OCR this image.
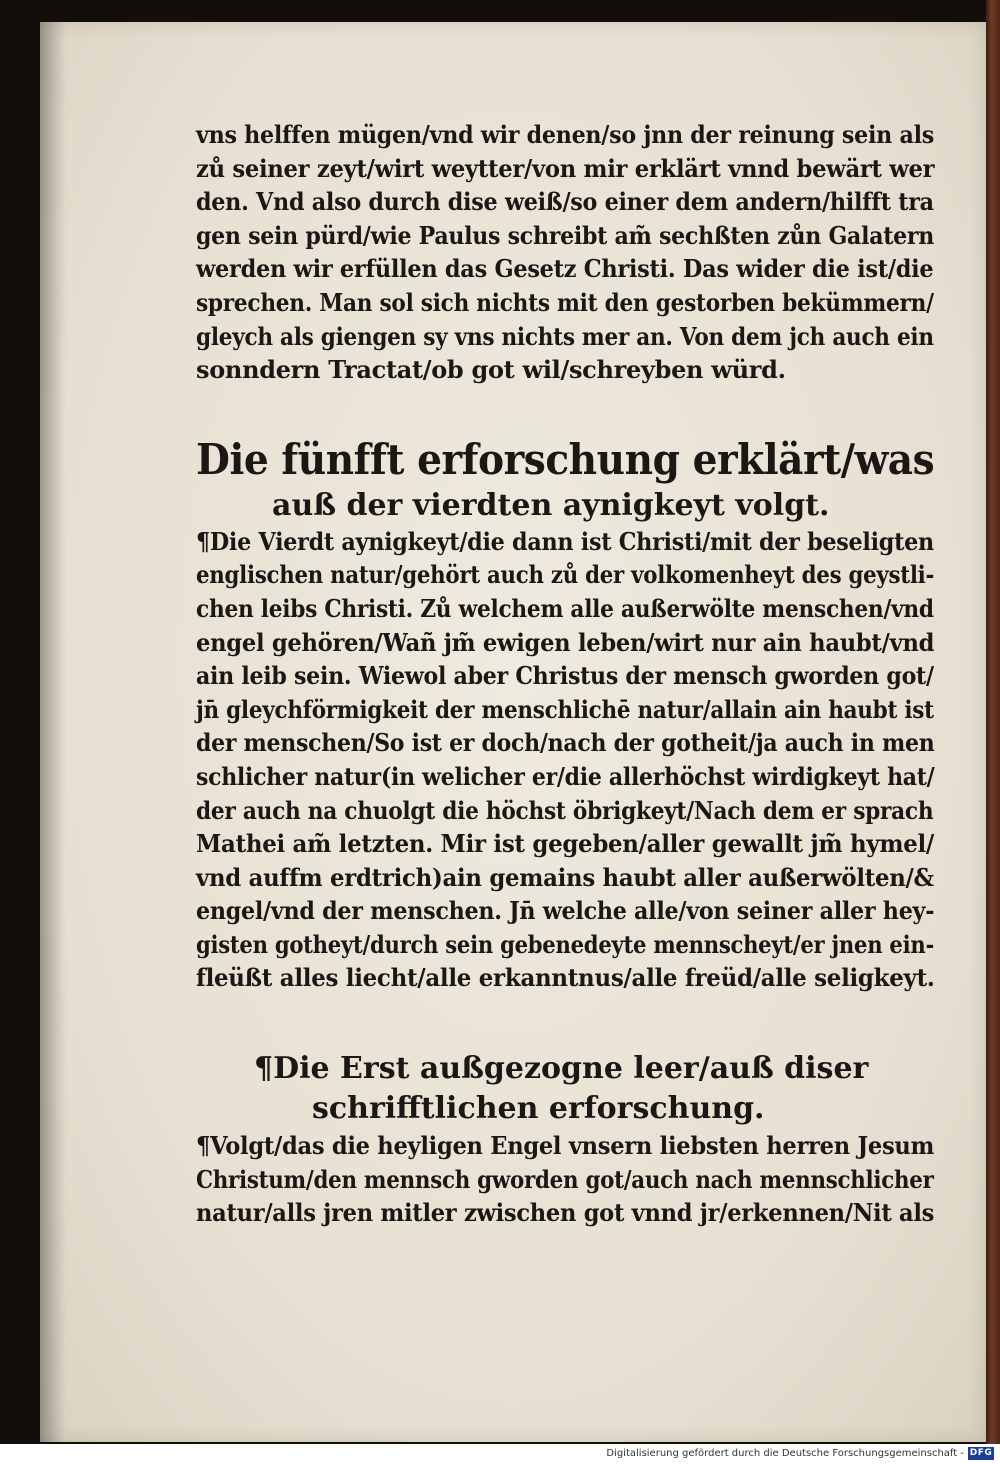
vns helffen mügen/vnd wir denen/so jnn der reinung sein als
zů seiner zeyt/wirt weytter/von mir erklärt vnnd bewärt wer
den. Vnd also durch dise weiß/so einer dem andern/hilfft tra
gen sein pürd/wie Paulus schreibt am̃ sechßten zůn Galatern
werden wir erfüllen das Gesetz Christi. Das wider die ist/die
sprechen. Man sol sich nichts mit den gestorben bekümmern/
gleych als giengen sy vns nichts mer an. Von dem jch auch ein
sonndern Tractat/ob got wil/schreyben würd.
Die fünfft erforschung erklärt/was
auß der vierdten aynigkeyt volgt.
¶Die Vierdt aynigkeyt/die dann ist Christi/mit der beseligten
englischen natur/gehört auch zů der volkomenheyt des geystli-
chen leibs Christi. Zů welchem alle außerwölte menschen/vnd
engel gehören/Wañ jm̃ ewigen leben/wirt nur ain haubt/vnd
ain leib sein. Wiewol aber Christus der mensch gworden got/
jn̄ gleychförmigkeit der menschlichē natur/allain ain haubt ist
der menschen/So ist er doch/nach der gotheit/ja auch in men
schlicher natur(in welicher er/die allerhöchst wirdigkeyt hat/
der auch na chuolgt die höchst öbrigkeyt/Nach dem er sprach
Mathei am̃ letzten. Mir ist gegeben/aller gewallt jm̃ hymel/
vnd auffm erdtrich)ain gemains haubt aller außerwölten/&
engel/vnd der menschen. Jn̄ welche alle/von seiner aller hey-
gisten gotheyt/durch sein gebenedeyte mennscheyt/er jnen ein-
fleüßt alles liecht/alle erkanntnus/alle freüd/alle seligkeyt.
¶Die Erst außgezogne leer/auß diser
schrifftlichen erforschung.
¶Volgt/das die heyligen Engel vnsern liebsten herren Jesum
Christum/den mennsch gworden got/auch nach mennschlicher
natur/alls jren mitler zwischen got vnnd jr/erkennen/Nit als
Digitalisierung gefördert durch die Deutsche Forschungsgemeinschaft - DFG
